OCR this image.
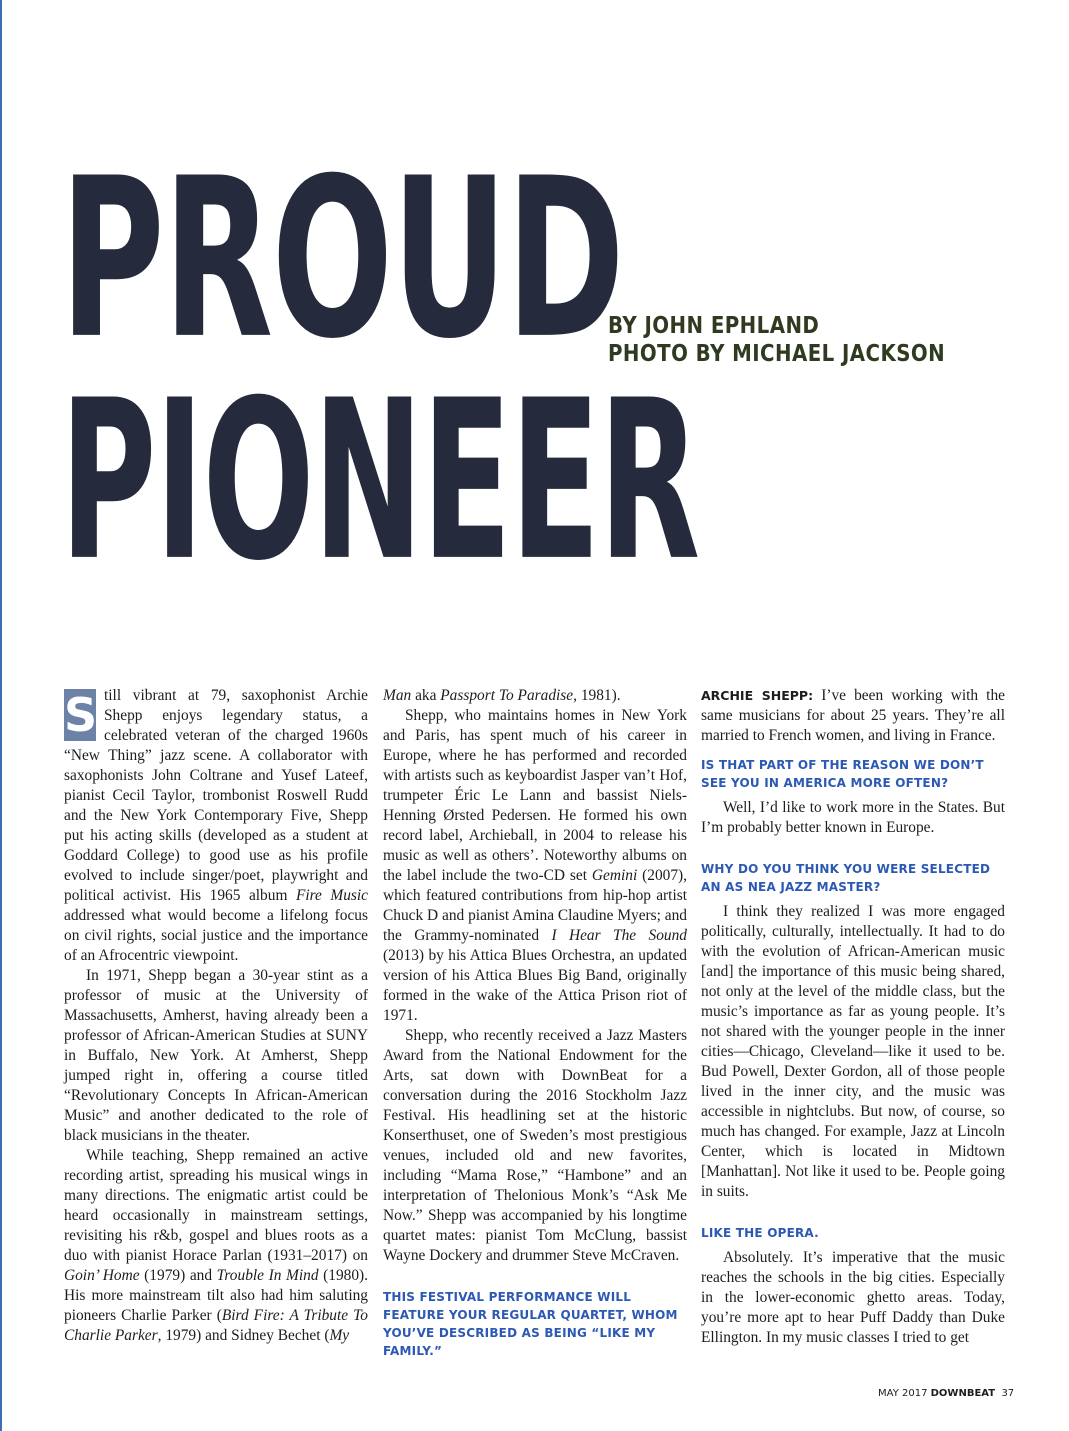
PROUD
PIONEER
BY JOHN EPHLAND
PHOTO BY MICHAEL JACKSON

S till vibrant at 79, saxophonist Archie Shepp enjoys legendary status, a celebrated veteran of the charged 1960s “New Thing” jazz scene. A collaborator with saxophonists John Coltrane and Yusef Lateef, pianist Cecil Taylor, trombonist Roswell Rudd and the New York Contemporary Five, Shepp put his acting skills (developed as a student at Goddard College) to good use as his profile evolved to include singer/poet, playwright and political activist. His 1965 album Fire Music addressed what would become a lifelong focus on civil rights, social justice and the importance of an Afrocentric viewpoint.

In 1971, Shepp began a 30-year stint as a professor of music at the University of Massachusetts, Amherst, having already been a professor of African-American Studies at SUNY in Buffalo, New York. At Amherst, Shepp jumped right in, offering a course titled “Revolutionary Concepts In African-American Music” and another dedicated to the role of black musicians in the theater.

While teaching, Shepp remained an active recording artist, spreading his musical wings in many directions. The enigmatic artist could be heard occasionally in mainstream settings, revisiting his r&b, gospel and blues roots as a duo with pianist Horace Parlan (1931–2017) on Goin’ Home (1979) and Trouble In Mind (1980). His more mainstream tilt also had him saluting pioneers Charlie Parker (Bird Fire: A Tribute To Charlie Parker, 1979) and Sidney Bechet (My

Man aka Passport To Paradise, 1981).

Shepp, who maintains homes in New York and Paris, has spent much of his career in Europe, where he has performed and recorded with artists such as keyboardist Jasper van’t Hof, trumpeter Éric Le Lann and bassist Niels-Henning Ørsted Pedersen. He formed his own record label, Archieball, in 2004 to release his music as well as others’. Noteworthy albums on the label include the two-CD set Gemini (2007), which featured contributions from hip-hop artist Chuck D and pianist Amina Claudine Myers; and the Grammy-nominated I Hear The Sound (2013) by his Attica Blues Orchestra, an updated version of his Attica Blues Big Band, originally formed in the wake of the Attica Prison riot of 1971.

Shepp, who recently received a Jazz Masters Award from the National Endowment for the Arts, sat down with DownBeat for a conversation during the 2016 Stockholm Jazz Festival. His headlining set at the historic Konserthuset, one of Sweden’s most prestigious venues, included old and new favorites, including “Mama Rose,” “Hambone” and an interpretation of Thelonious Monk’s “Ask Me Now.” Shepp was accompanied by his longtime quartet mates: pianist Tom McClung, bassist Wayne Dockery and drummer Steve McCraven.

THIS FESTIVAL PERFORMANCE WILL FEATURE YOUR REGULAR QUARTET, WHOM YOU’VE DESCRIBED AS BEING “LIKE MY FAMILY.”

ARCHIE SHEPP: I’ve been working with the same musicians for about 25 years. They’re all married to French women, and living in France.

IS THAT PART OF THE REASON WE DON’T SEE YOU IN AMERICA MORE OFTEN?

Well, I’d like to work more in the States. But I’m probably better known in Europe.

WHY DO YOU THINK YOU WERE SELECTED AN AS NEA JAZZ MASTER?

I think they realized I was more engaged politically, culturally, intellectually. It had to do with the evolution of African-American music [and] the importance of this music being shared, not only at the level of the middle class, but the music’s importance as far as young people. It’s not shared with the younger people in the inner cities—Chicago, Cleveland—like it used to be. Bud Powell, Dexter Gordon, all of those people lived in the inner city, and the music was accessible in nightclubs. But now, of course, so much has changed. For example, Jazz at Lincoln Center, which is located in Midtown [Manhattan]. Not like it used to be. People going in suits.

LIKE THE OPERA.

Absolutely. It’s imperative that the music reaches the schools in the big cities. Especially in the lower-economic ghetto areas. Today, you’re more apt to hear Puff Daddy than Duke Ellington. In my music classes I tried to get

MAY 2017 DOWNBEAT 37
